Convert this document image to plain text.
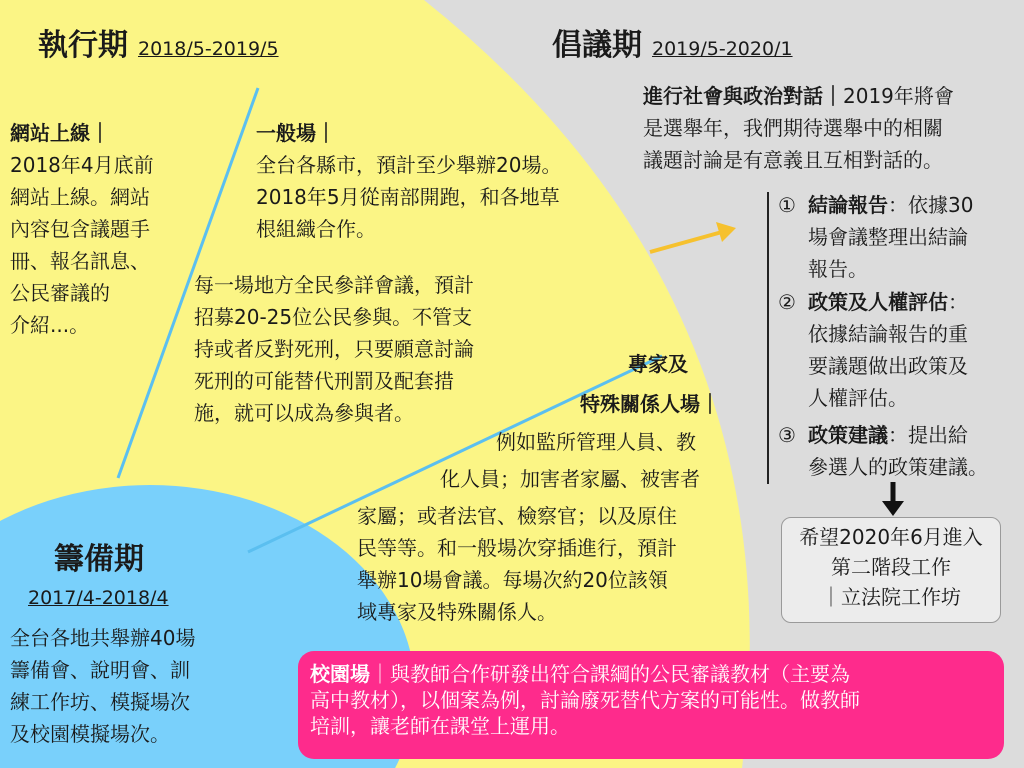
執行期 2018/5-2019/5	倡議期 2019/5-2020/1
網站上線｜
2018年4月底前
網站上線。網站
內容包含議題手
冊、報名訊息、
公民審議的
介紹...。
一般場｜
全台各縣市，預計至少舉辦20場。
2018年5月從南部開跑，和各地草
根組織合作。
每一場地方全民參詳會議，預計
招募20-25位公民參與。不管支
持或者反對死刑，只要願意討論
死刑的可能替代刑罰及配套措
施，就可以成為參與者。
專家及
特殊關係人場｜
例如監所管理人員、教
化人員；加害者家屬、被害者
家屬；或者法官、檢察官；以及原住
民等等。和一般場次穿插進行，預計
舉辦10場會議。每場次約20位該領
域專家及特殊關係人。
進行社會與政治對話｜2019年將會
是選舉年，我們期待選舉中的相關
議題討論是有意義且互相對話的。
① 結論報告：依據30
場會議整理出結論
報告。
② 政策及人權評估：
依據結論報告的重
要議題做出政策及
人權評估。
③ 政策建議：提出給
參選人的政策建議。
希望2020年6月進入
第二階段工作
｜立法院工作坊
籌備期
2017/4-2018/4
全台各地共舉辦40場
籌備會、說明會、訓
練工作坊、模擬場次
及校園模擬場次。
校園場｜與教師合作研發出符合課綱的公民審議教材（主要為
高中教材），以個案為例，討論廢死替代方案的可能性。做教師
培訓，讓老師在課堂上運用。
